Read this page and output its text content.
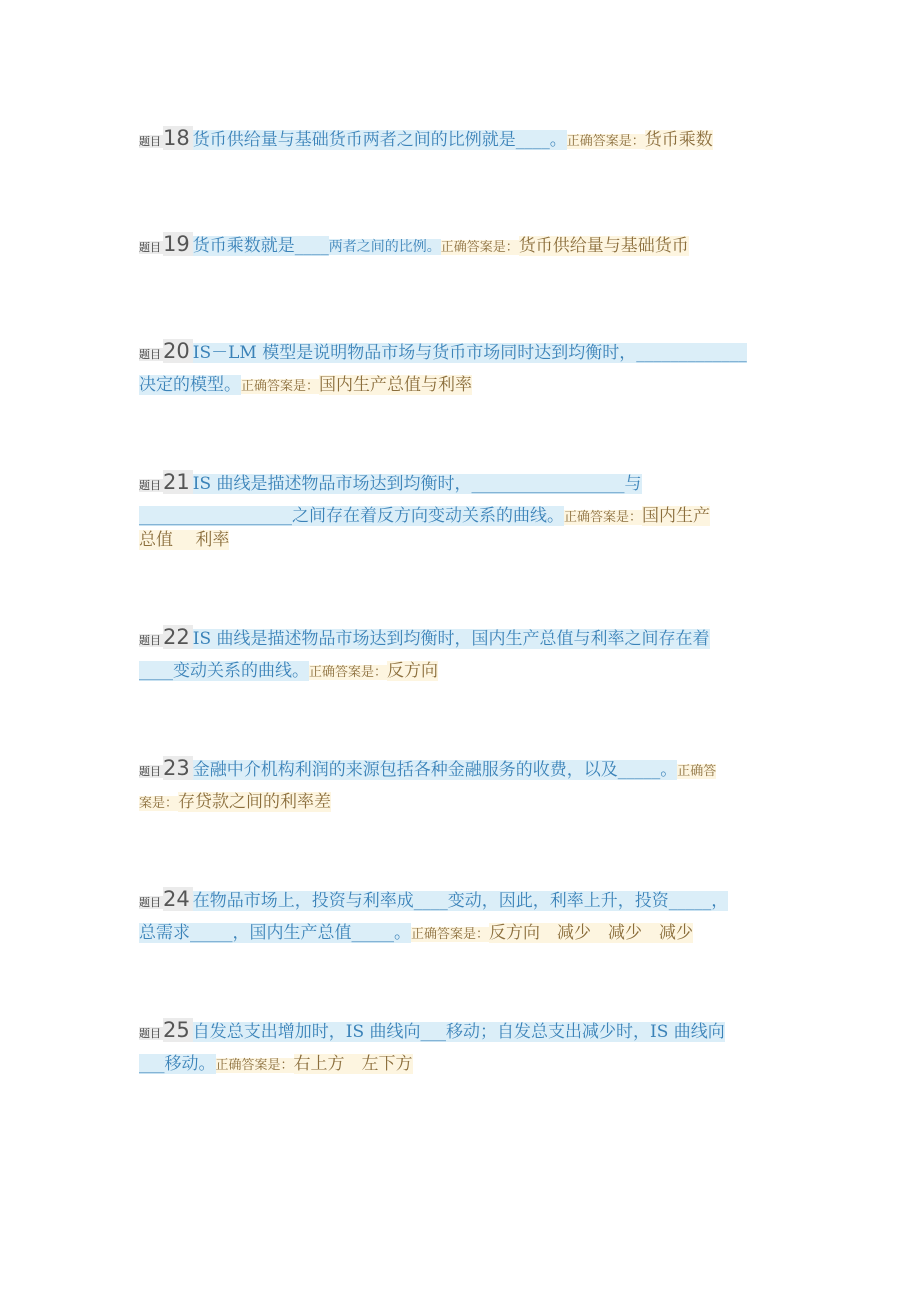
题目18 货币供给量与基础货币两者之间的比例就是____。正确答案是：货币乘数
题目19 货币乘数就是____两者之间的比例。正确答案是：货币供给量与基础货币
题目20 IS－LM 模型是说明物品市场与货币市场同时达到均衡时，_____________
决定的模型。正确答案是：国内生产总值与利率
题目21 IS 曲线是描述物品市场达到均衡时，__________________与
__________________之间存在着反方向变动关系的曲线。正确答案是：国内生产
总值　 利率
题目22 IS 曲线是描述物品市场达到均衡时，国内生产总值与利率之间存在着
____变动关系的曲线。正确答案是：反方向
题目23 金融中介机构利润的来源包括各种金融服务的收费，以及_____。正确答
案是：存贷款之间的利率差
题目24 在物品市场上，投资与利率成____变动，因此，利率上升，投资_____，
总需求_____，国内生产总值_____。正确答案是：反方向　减少　减少　减少
题目25 自发总支出增加时，IS 曲线向___移动；自发总支出减少时，IS 曲线向
___移动。正确答案是：右上方　左下方
